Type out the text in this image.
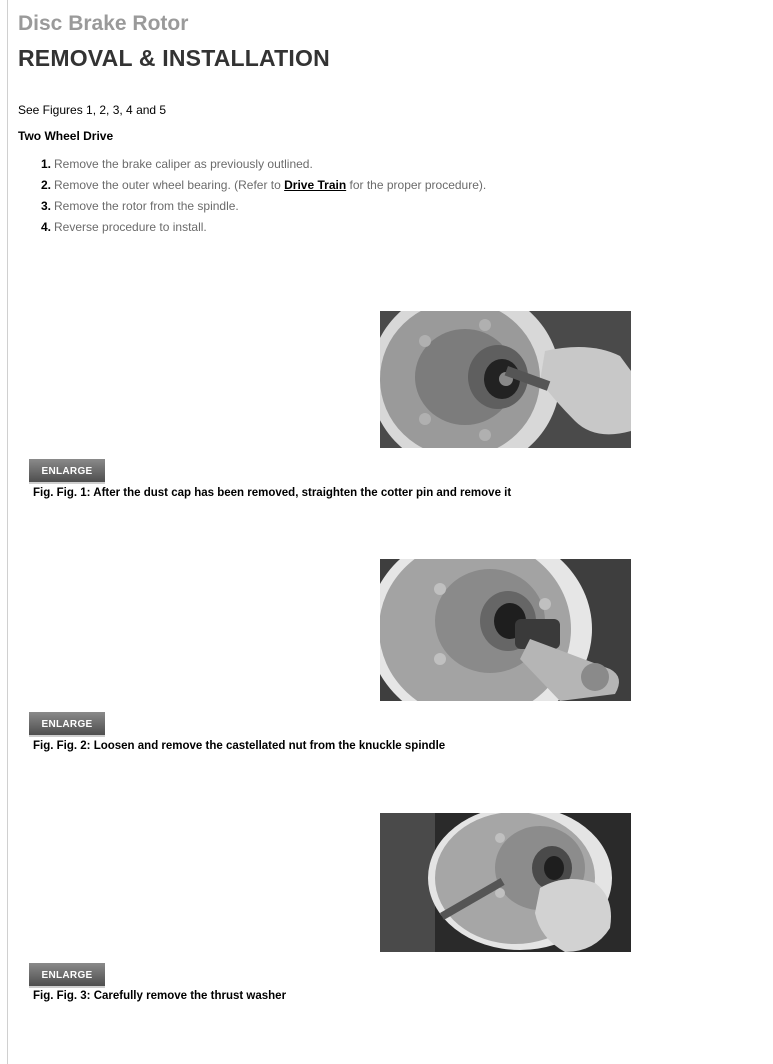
Disc Brake Rotor
REMOVAL & INSTALLATION
See Figures 1, 2, 3, 4 and 5
Two Wheel Drive
1. Remove the brake caliper as previously outlined.
2. Remove the outer wheel bearing. (Refer to Drive Train for the proper procedure).
3. Remove the rotor from the spindle.
4. Reverse procedure to install.
ENLARGE
Fig. Fig. 1: After the dust cap has been removed, straighten the cotter pin and remove it
ENLARGE
Fig. Fig. 2: Loosen and remove the castellated nut from the knuckle spindle
ENLARGE
Fig. Fig. 3: Carefully remove the thrust washer
